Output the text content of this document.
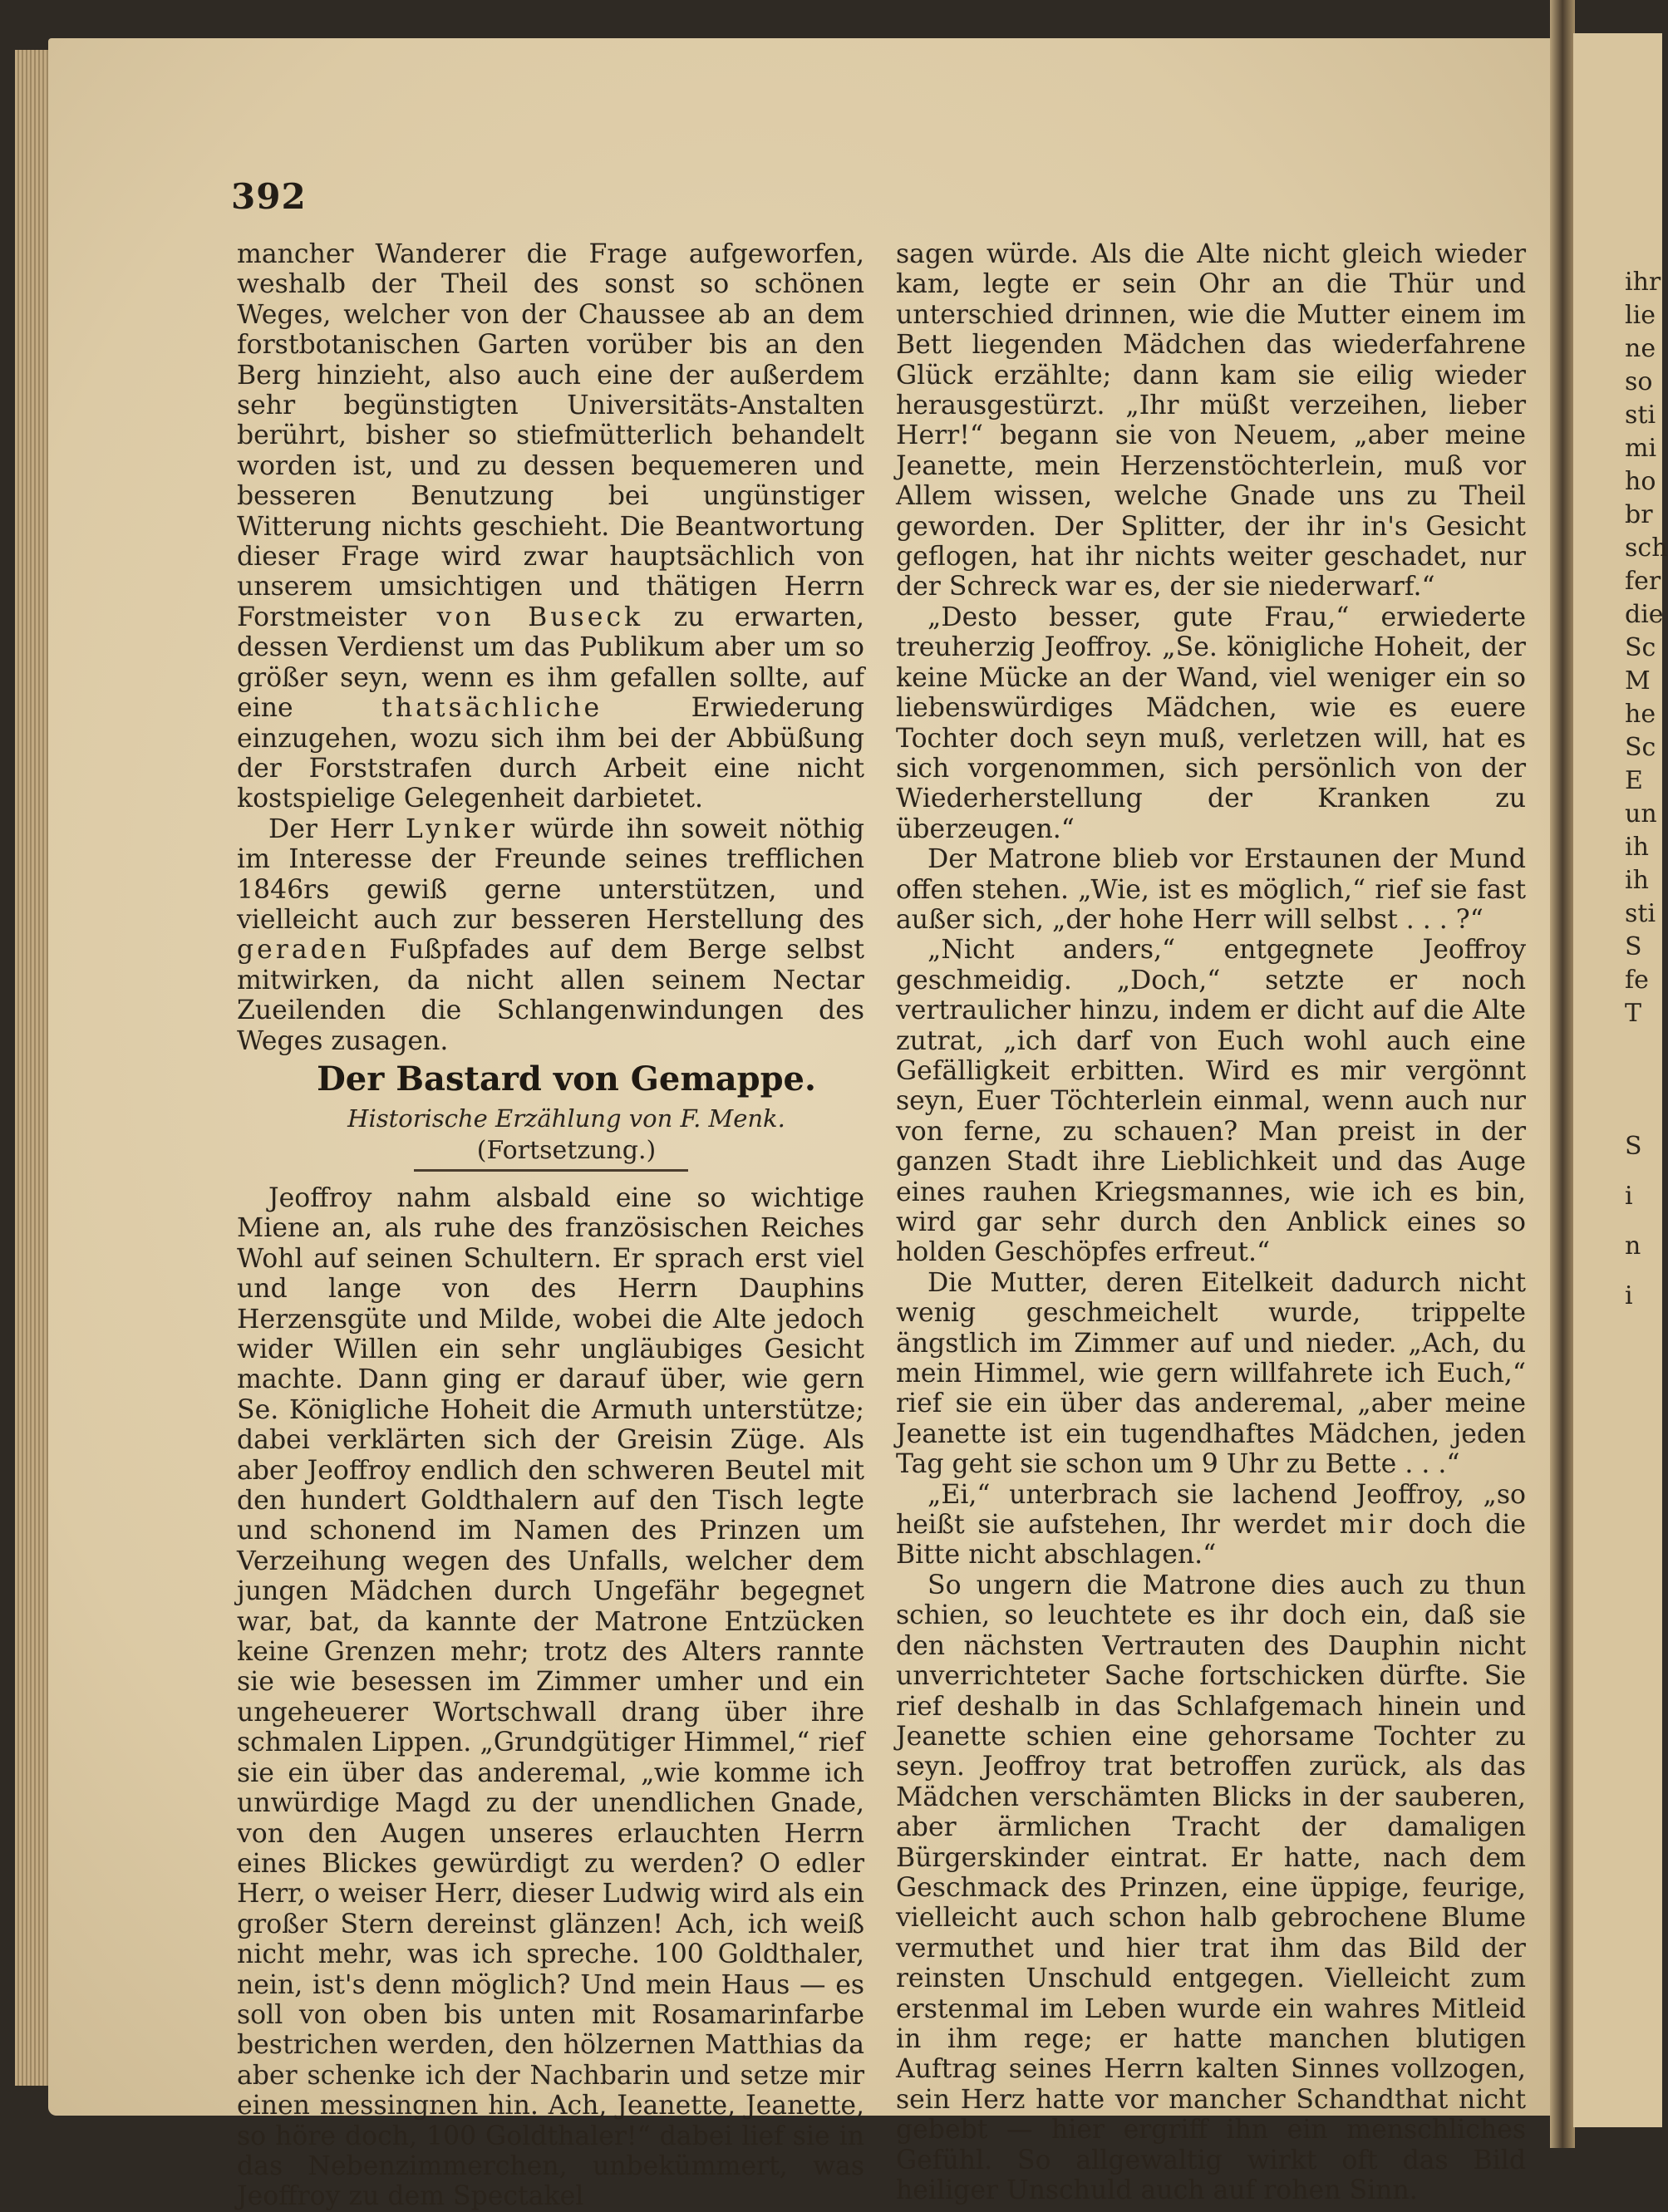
392

mancher Wanderer die Frage aufgeworfen, weshalb der Theil des sonst so schönen Weges, welcher von der Chaussee ab an dem forstbotanischen Garten vorüber bis an den Berg hinzieht, also auch eine der außerdem sehr begünstigten Universitäts-Anstalten berührt, bisher so stiefmütterlich behandelt worden ist, und zu dessen bequemeren und besseren Benutzung bei ungünstiger Witterung nichts geschieht. Die Beantwortung dieser Frage wird zwar hauptsächlich von unserem umsichtigen und thätigen Herrn Forstmeister von Buseck zu erwarten, dessen Verdienst um das Publikum aber um so größer seyn, wenn es ihm gefallen sollte, auf eine	thatsächliche	Erwiederung einzugehen, wozu sich ihm bei der Abbüßung der Forststrafen durch Arbeit eine nicht kostspielige Gelegenheit darbietet.

Der Herr Lynker würde ihn soweit nöthig im Interesse der Freunde seines trefflichen 1846rs gewiß gerne unterstützen, und vielleicht auch zur besseren Herstellung des geraden Fußpfades auf dem Berge selbst mitwirken, da nicht allen seinem Nectar Zueilenden die Schlangenwindungen des Weges zusagen.

Der Bastard von Gemappe.

Historische Erzählung von F. Menk.

(Fortsetzung.)

Jeoffroy nahm alsbald eine so wichtige Miene an, als ruhe des französischen Reiches Wohl auf seinen Schultern. Er sprach erst viel und lange von des Herrn Dauphins Herzensgüte und Milde, wobei die Alte jedoch wider Willen ein sehr ungläubiges Gesicht machte. Dann ging er darauf über, wie gern Se. Königliche Hoheit die Armuth unterstütze; dabei verklärten sich der Greisin Züge. Als aber Jeoffroy endlich den schweren Beutel mit den hundert Goldthalern auf den Tisch legte und schonend im Namen des Prinzen um Verzeihung wegen des Unfalls, welcher dem jungen Mädchen durch Ungefähr begegnet war, bat, da kannte der Matrone Entzücken keine Grenzen mehr; trotz des Alters rannte sie wie besessen im Zimmer umher und ein ungeheuerer Wortschwall drang über ihre schmalen Lippen. „Grundgütiger Himmel,“ rief sie ein über das anderemal, „wie komme ich unwürdige Magd zu der unendlichen Gnade, von den Augen unseres erlauchten Herrn eines Blickes gewürdigt zu werden? O edler Herr, o weiser Herr, dieser Ludwig wird als ein großer Stern dereinst glänzen! Ach, ich weiß nicht mehr, was ich spreche. 100 Goldthaler, nein, ist's denn möglich? Und mein Haus — es soll von oben bis unten mit Rosamarinfarbe bestrichen werden, den hölzernen Matthias da aber schenke ich der Nachbarin und setze mir einen messingnen hin. Ach, Jeanette, Jeanette, so höre doch, 100 Goldthaler!“ dabei lief sie in das Nebenzimmerchen, unbekümmert, was Jeoffroy zu dem Spectakel

sagen würde. Als die Alte nicht gleich wieder kam, legte er sein Ohr an die Thür und unterschied drinnen, wie die Mutter einem im Bett liegenden Mädchen das wiederfahrene Glück erzählte; dann kam sie eilig wieder herausgestürzt. „Ihr müßt verzeihen, lieber Herr!“ begann sie von Neuem, „aber meine Jeanette, mein Herzenstöchterlein, muß vor Allem wissen, welche Gnade uns zu Theil geworden. Der Splitter, der ihr in's Gesicht geflogen, hat ihr nichts weiter geschadet, nur der Schreck war es, der sie niederwarf.“

„Desto besser, gute Frau,“ erwiederte treuherzig Jeoffroy. „Se. königliche Hoheit, der keine Mücke an der Wand, viel weniger ein so liebenswürdiges Mädchen, wie es euere Tochter doch seyn muß, verletzen will, hat es sich vorgenommen, sich persönlich von der Wiederherstellung der Kranken zu überzeugen.“

Der Matrone blieb vor Erstaunen der Mund offen stehen. „Wie, ist es möglich,“ rief sie fast außer sich, „der hohe Herr will selbst . . . ?“

„Nicht anders,“ entgegnete Jeoffroy geschmeidig. „Doch,“ setzte er noch vertraulicher hinzu, indem er dicht auf die Alte zutrat, „ich darf von Euch wohl auch eine Gefälligkeit erbitten. Wird es mir vergönnt seyn, Euer Töchterlein einmal, wenn auch nur von ferne, zu schauen? Man preist in der ganzen Stadt ihre Lieblichkeit und das Auge eines rauhen Kriegsmannes, wie ich es bin, wird gar sehr durch den Anblick eines so holden Geschöpfes erfreut.“

Die Mutter, deren Eitelkeit dadurch nicht wenig geschmeichelt wurde, trippelte ängstlich im Zimmer auf und nieder. „Ach, du mein Himmel, wie gern willfahrete ich Euch,“ rief sie ein über das anderemal, „aber meine Jeanette ist ein tugendhaftes Mädchen, jeden Tag geht sie schon um 9 Uhr zu Bette . . .“

„Ei,“ unterbrach sie lachend Jeoffroy, „so heißt sie aufstehen, Ihr werdet mir doch die Bitte nicht abschlagen.“

So ungern die Matrone dies auch zu thun schien, so leuchtete es ihr doch ein, daß sie den nächsten Vertrauten des Dauphin nicht unverrichteter Sache fortschicken dürfte. Sie rief deshalb in das Schlafgemach hinein und Jeanette schien eine gehorsame Tochter zu seyn. Jeoffroy trat betroffen zurück, als das Mädchen verschämten Blicks in der sauberen, aber ärmlichen Tracht der damaligen Bürgerskinder eintrat. Er hatte, nach dem Geschmack des Prinzen, eine üppige, feurige, vielleicht auch schon halb gebrochene Blume vermuthet und hier trat ihm das Bild der reinsten Unschuld entgegen. Vielleicht zum erstenmal im Leben wurde ein wahres Mitleid in ihm rege; er hatte manchen blutigen Auftrag seines Herrn kalten Sinnes vollzogen, sein Herz hatte vor mancher Schandthat nicht gebebt — hier ergriff ihn ein menschliches Gefühl. So allgewaltig wirkt oft das Bild heiliger Unschuld auch auf rohen Sinn.

ihr
lie
ne
so
sti
mi
ho
br
sch
fer
die
Sc
M
he
Sc
E
un
ih
ih
sti
S
fe
T
S
i
n
i
